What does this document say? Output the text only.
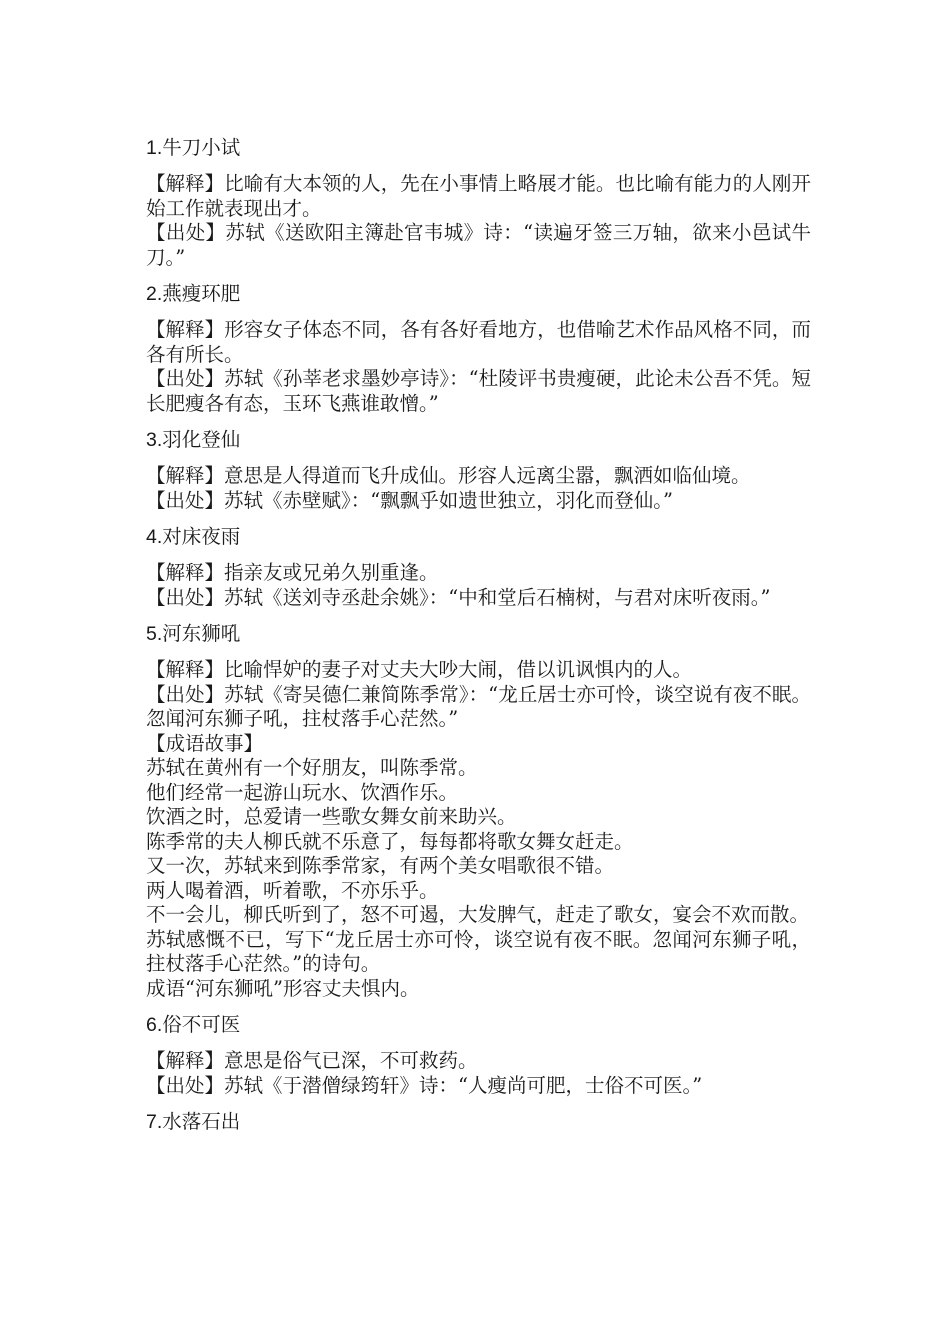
1.牛刀小试
【解释】比喻有大本领的人，先在小事情上略展才能。也比喻有能力的人刚开始工作就表现出才。
【出处】苏轼《送欧阳主簿赴官韦城》诗：“读遍牙签三万轴，欲来小邑试牛刀。”
2.燕瘦环肥
【解释】形容女子体态不同，各有各好看地方，也借喻艺术作品风格不同，而各有所长。
【出处】苏轼《孙莘老求墨妙亭诗》：“杜陵评书贵瘦硬，此论未公吾不凭。短长肥瘦各有态，玉环飞燕谁敢憎。”
3.羽化登仙
【解释】意思是人得道而飞升成仙。形容人远离尘嚣，飘洒如临仙境。
【出处】苏轼《赤壁赋》：“飘飘乎如遗世独立，羽化而登仙。”
4.对床夜雨
【解释】指亲友或兄弟久别重逢。
【出处】苏轼《送刘寺丞赴余姚》：“中和堂后石楠树，与君对床听夜雨。”
5.河东狮吼
【解释】比喻悍妒的妻子对丈夫大吵大闹，借以讥讽惧内的人。
【出处】苏轼《寄吴德仁兼简陈季常》：“龙丘居士亦可怜，谈空说有夜不眠。忽闻河东狮子吼，拄杖落手心茫然。”
【成语故事】
苏轼在黄州有一个好朋友，叫陈季常。
他们经常一起游山玩水、饮酒作乐。
饮酒之时，总爱请一些歌女舞女前来助兴。
陈季常的夫人柳氏就不乐意了，每每都将歌女舞女赶走。
又一次，苏轼来到陈季常家，有两个美女唱歌很不错。
两人喝着酒，听着歌，不亦乐乎。
不一会儿，柳氏听到了，怒不可遏，大发脾气，赶走了歌女，宴会不欢而散。
苏轼感慨不已，写下“龙丘居士亦可怜，谈空说有夜不眠。忽闻河东狮子吼，拄杖落手心茫然。”的诗句。
成语“河东狮吼”形容丈夫惧内。
6.俗不可医
【解释】意思是俗气已深，不可救药。
【出处】苏轼《于潜僧绿筠轩》诗：“人瘦尚可肥，士俗不可医。”
7.水落石出
